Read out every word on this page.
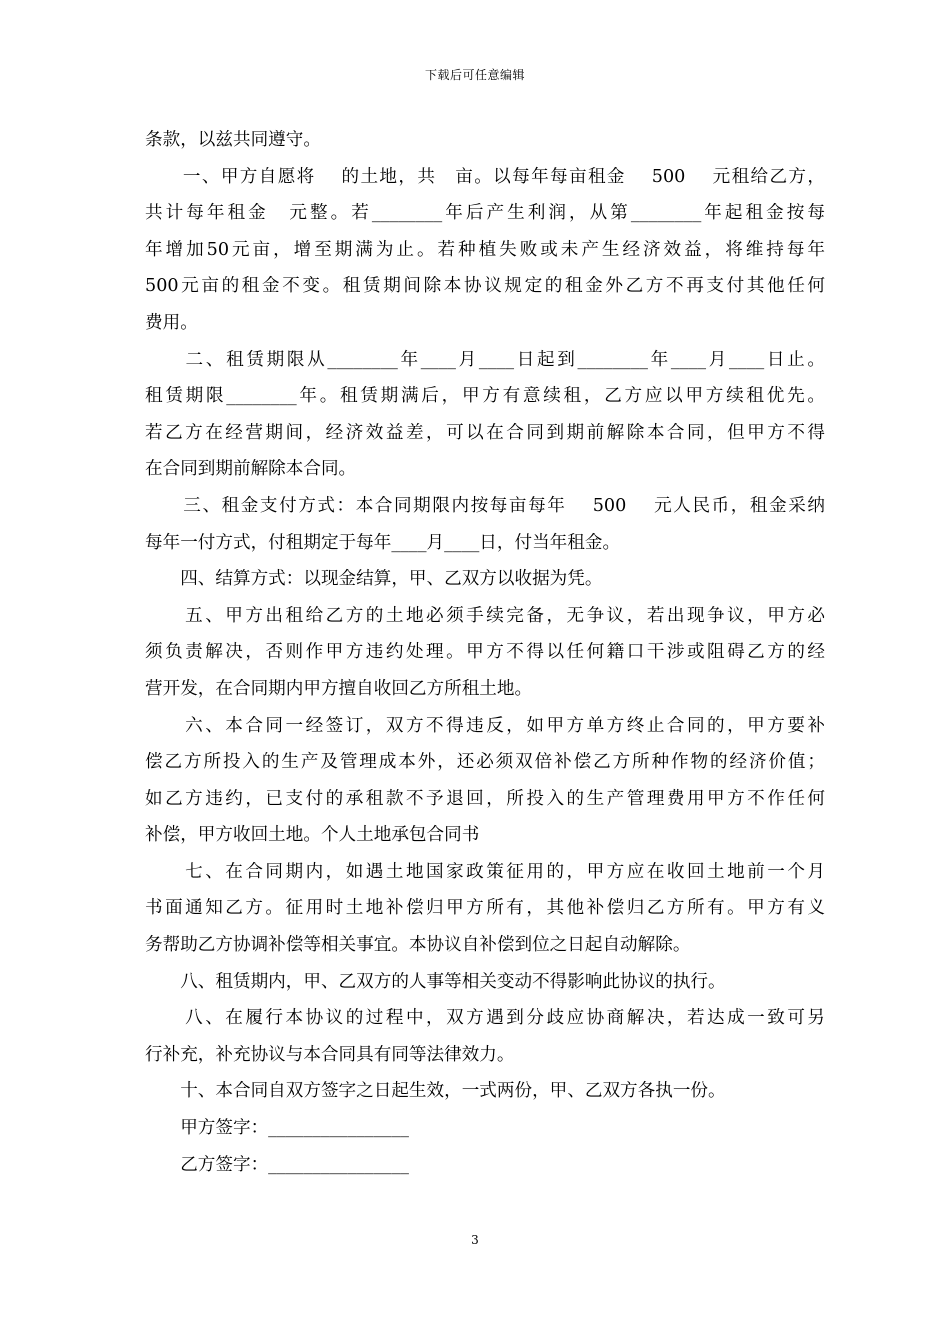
下载后可任意编辑
条款，以兹共同遵守。
　　一、甲方自愿将　 的土地，共　亩。以每年每亩租金　 500　 元租给乙方，
共计每年租金　元整。若________年后产生利润，从第________年起租金按每
年增加50元亩，增至期满为止。若种植失败或未产生经济效益，将维持每年
500元亩的租金不变。租赁期间除本协议规定的租金外乙方不再支付其他任何
费用。
　　二、租赁期限从________年____月____日起到________年____月____日止。
租赁期限________年。租赁期满后，甲方有意续租，乙方应以甲方续租优先。
若乙方在经营期间，经济效益差，可以在合同到期前解除本合同，但甲方不得
在合同到期前解除本合同。
　　三、租金支付方式：本合同期限内按每亩每年　 500　 元人民币，租金采纳
每年一付方式，付租期定于每年____月____日，付当年租金。
　　四、结算方式：以现金结算，甲、乙双方以收据为凭。
　　五、甲方出租给乙方的土地必须手续完备，无争议，若出现争议，甲方必
须负责解决，否则作甲方违约处理。甲方不得以任何籍口干涉或阻碍乙方的经
营开发，在合同期内甲方擅自收回乙方所租土地。
　　六、本合同一经签订，双方不得违反，如甲方单方终止合同的，甲方要补
偿乙方所投入的生产及管理成本外，还必须双倍补偿乙方所种作物的经济价值；
如乙方违约，已支付的承租款不予退回，所投入的生产管理费用甲方不作任何
补偿，甲方收回土地。个人土地承包合同书
　　七、在合同期内，如遇土地国家政策征用的，甲方应在收回土地前一个月
书面通知乙方。征用时土地补偿归甲方所有，其他补偿归乙方所有。甲方有义
务帮助乙方协调补偿等相关事宜。本协议自补偿到位之日起自动解除。
　　八、租赁期内，甲、乙双方的人事等相关变动不得影响此协议的执行。
　　八、在履行本协议的过程中，双方遇到分歧应协商解决，若达成一致可另
行补充，补充协议与本合同具有同等法律效力。
　　十、本合同自双方签字之日起生效，一式两份，甲、乙双方各执一份。
　　甲方签字：________________
　　乙方签字：________________
3
